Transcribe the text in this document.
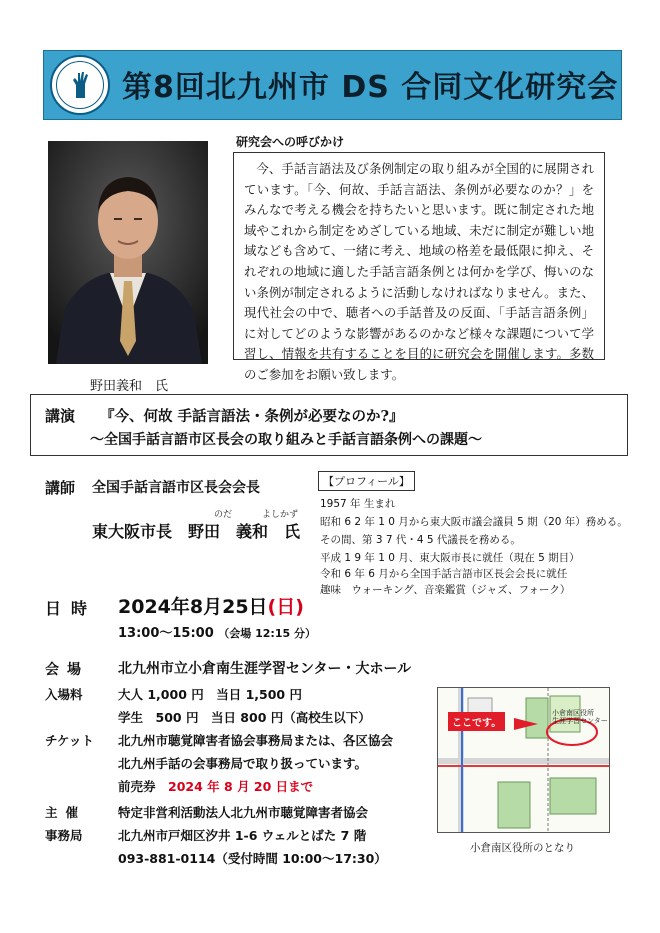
第8回北九州市 DS 合同文化研究会
野田義和　氏
研究会への呼びかけ
今、手話言語法及び条例制定の取り組みが全国的に展開されています。「今、何故、手話言語法、条例が必要なのか？」をみんなで考える機会を持ちたいと思います。既に制定された地域やこれから制定をめざしている地域、未だに制定が難しい地域なども含めて、一緒に考え、地域の格差を最低限に抑え、それぞれの地域に適した手話言語条例とは何かを学び、悔いのない条例が制定されるように活動しなければなりません。また、現代社会の中で、聴者への手話普及の反面、「手話言語条例」に対してどのような影響があるのかなど様々な課題について学習し、情報を共有することを目的に研究会を開催します。多数のご参加をお願い致します。
講演 『今、何故 手話言語法・条例が必要なのか?』
～全国手話言語市区長会の取り組みと手話言語条例への課題～
講師 全国手話言語市区長会会長
のだ	よしかず
東大阪市長　野田　義和　氏
【プロフィール】
1957 年 生まれ
昭和 6 2 年 1 0 月から東大阪市議会議員 5 期（20 年）務める。
その間、第 3 7 代・4 5 代議長を務める。
平成 1 9 年 1 0 月、東大阪市長に就任（現在 5 期目）
令和 6 年 6 月から全国手話言語市区長会会長に就任
趣味　ウォーキング、音楽鑑賞（ジャズ、フォーク）
日時 2024年8月25日(日)
13:00～15:00 （会場 12:15 分）
会場 北九州市立小倉南生涯学習センター・大ホール
入場料	大人 1,000 円　当日 1,500 円
学生　500 円　当日 800 円（高校生以下）
チケット 北九州市聴覚障害者協会事務局または、各区協会
北九州手話の会事務局で取り扱っています。
前売券　 2024 年 8 月 20 日まで
主催	特定非営利活動法人北九州市聴覚障害者協会
事務局	北九州市戸畑区汐井 1-6 ウェルとばた 7 階
093-881-0114（受付時間 10:00～17:30）
ここです。
小倉南区役所
生涯学習センター
小倉南区役所のとなり
